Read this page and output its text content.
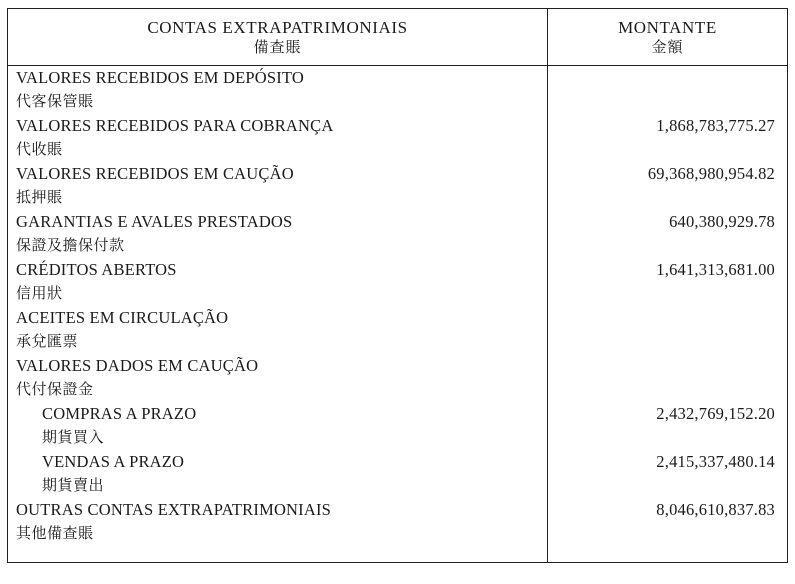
CONTAS EXTRAPATRIMONIAIS
備查賬

MONTANTE
金額

VALORES RECEBIDOS EM DEPÓSITO
代客保管賬	

VALORES RECEBIDOS PARA COBRANÇA
代收賬	1,868,783,775.27

VALORES RECEBIDOS EM CAUÇÃO
抵押賬	69,368,980,954.82

GARANTIAS E AVALES PRESTADOS
保證及擔保付款	640,380,929.78

CRÉDITOS ABERTOS
信用狀	1,641,313,681.00

ACEITES EM CIRCULAÇÃO
承兌匯票	

VALORES DADOS EM CAUÇÃO
代付保證金	

COMPRAS A PRAZO
期貨買入	2,432,769,152.20

VENDAS A PRAZO
期貨賣出	2,415,337,480.14

OUTRAS CONTAS EXTRAPATRIMONIAIS
其他備查賬	8,046,610,837.83
